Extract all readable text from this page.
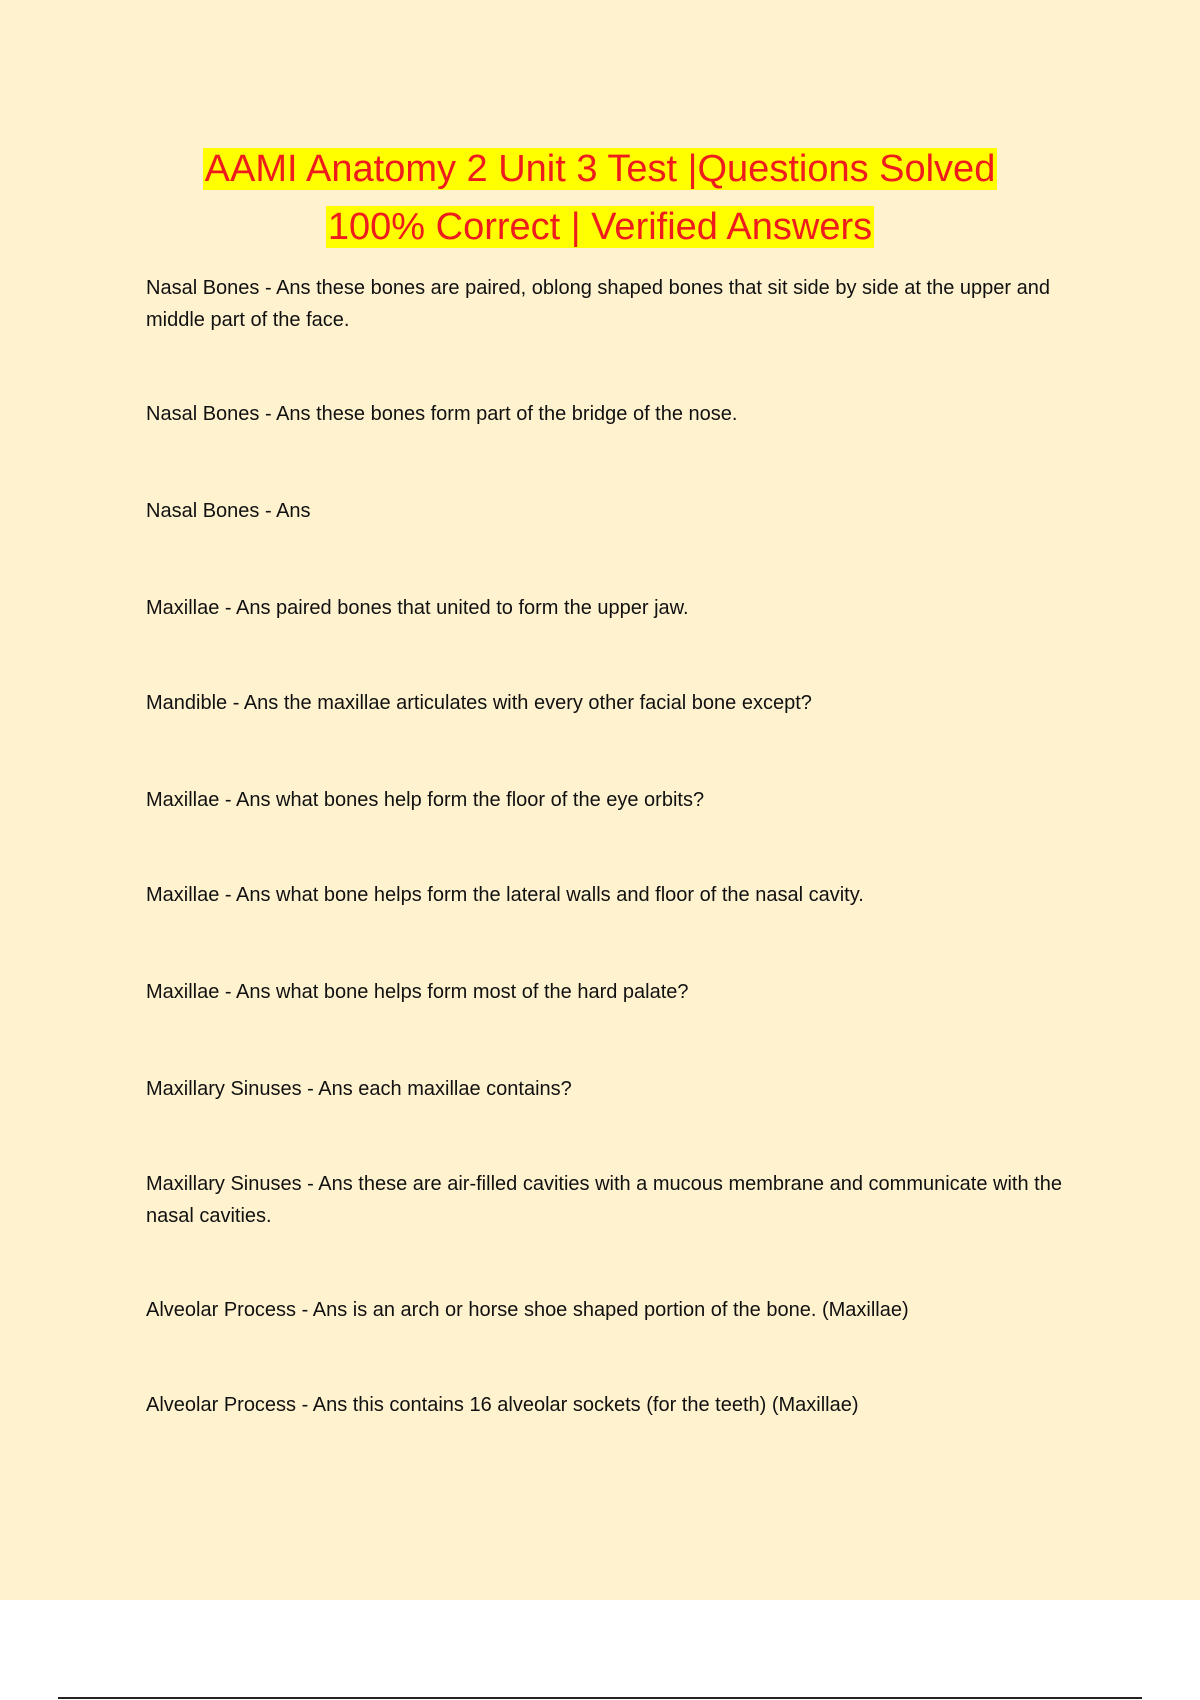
AAMI Anatomy 2 Unit 3 Test |Questions Solved
100% Correct | Verified Answers

Nasal Bones - Ans these bones are paired, oblong shaped bones that sit side by side at the upper and middle part of the face.

Nasal Bones - Ans these bones form part of the bridge of the nose.

Nasal Bones - Ans

Maxillae - Ans paired bones that united to form the upper jaw.

Mandible - Ans the maxillae articulates with every other facial bone except?

Maxillae - Ans what bones help form the floor of the eye orbits?

Maxillae - Ans what bone helps form the lateral walls and floor of the nasal cavity.

Maxillae - Ans what bone helps form most of the hard palate?

Maxillary Sinuses - Ans each maxillae contains?

Maxillary Sinuses - Ans these are air-filled cavities with a mucous membrane and communicate with the nasal cavities.

Alveolar Process - Ans is an arch or horse shoe shaped portion of the bone. (Maxillae)

Alveolar Process - Ans this contains 16 alveolar sockets (for the teeth) (Maxillae)
